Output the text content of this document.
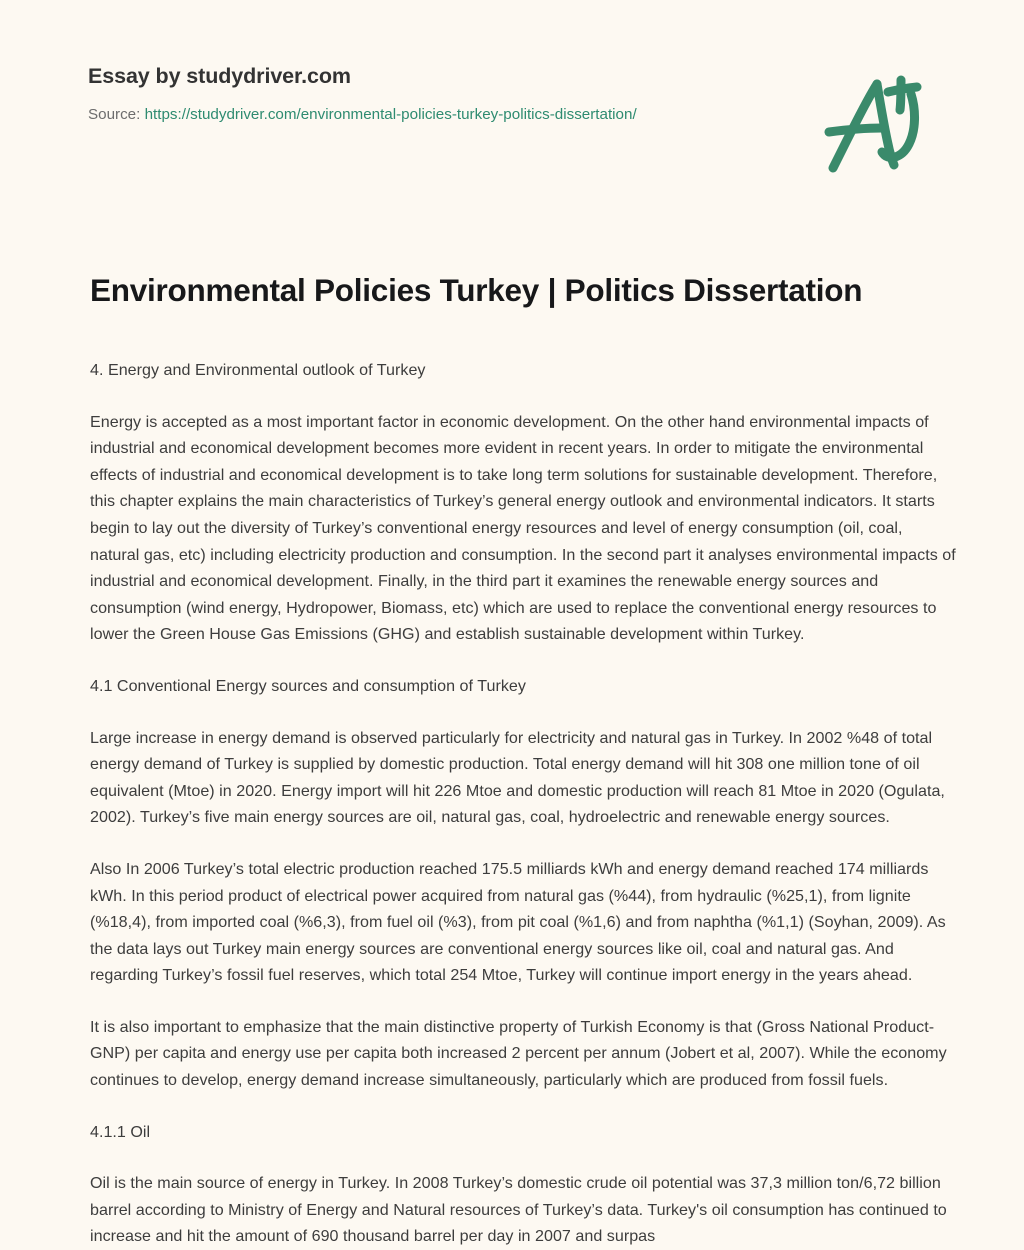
Essay by studydriver.com
Source: https://studydriver.com/environmental-policies-turkey-politics-dissertation/
Environmental Policies Turkey | Politics Dissertation

4. Energy and Environmental outlook of Turkey

Energy is accepted as a most important factor in economic development. On the other hand environmental impacts of industrial and economical development becomes more evident in recent years. In order to mitigate the environmental effects of industrial and economical development is to take long term solutions for sustainable development. Therefore, this chapter explains the main characteristics of Turkey’s general energy outlook and environmental indicators. It starts begin to lay out the diversity of Turkey’s conventional energy resources and level of energy consumption (oil, coal, natural gas, etc) including electricity production and consumption. In the second part it analyses environmental impacts of industrial and economical development. Finally, in the third part it examines the renewable energy sources and consumption (wind energy, Hydropower, Biomass, etc) which are used to replace the conventional energy resources to lower the Green House Gas Emissions (GHG) and establish sustainable development within Turkey.

4.1 Conventional Energy sources and consumption of Turkey

Large increase in energy demand is observed particularly for electricity and natural gas in Turkey. In 2002 %48 of total energy demand of Turkey is supplied by domestic production. Total energy demand will hit 308 one million tone of oil equivalent (Mtoe) in 2020. Energy import will hit 226 Mtoe and domestic production will reach 81 Mtoe in 2020 (Ogulata, 2002). Turkey’s five main energy sources are oil, natural gas, coal, hydroelectric and renewable energy sources.

Also In 2006 Turkey’s total electric production reached 175.5 milliards kWh and energy demand reached 174 milliards kWh. In this period product of electrical power acquired from natural gas (%44), from hydraulic (%25,1), from lignite (%18,4), from imported coal (%6,3), from fuel oil (%3), from pit coal (%1,6) and from naphtha (%1,1) (Soyhan, 2009). As the data lays out Turkey main energy sources are conventional energy sources like oil, coal and natural gas. And regarding Turkey’s fossil fuel reserves, which total 254 Mtoe, Turkey will continue import energy in the years ahead.

It is also important to emphasize that the main distinctive property of Turkish Economy is that (Gross National Product-GNP) per capita and energy use per capita both increased 2 percent per annum (Jobert et al, 2007). While the economy continues to develop, energy demand increase simultaneously, particularly which are produced from fossil fuels.

4.1.1 Oil

Oil is the main source of energy in Turkey. In 2008 Turkey’s domestic crude oil potential was 37,3 million ton/6,72 billion barrel according to Ministry of Energy and Natural resources of Turkey’s data. Turkey's oil consumption has continued to increase and hit the amount of 690 thousand barrel per day in 2007 and surpas
